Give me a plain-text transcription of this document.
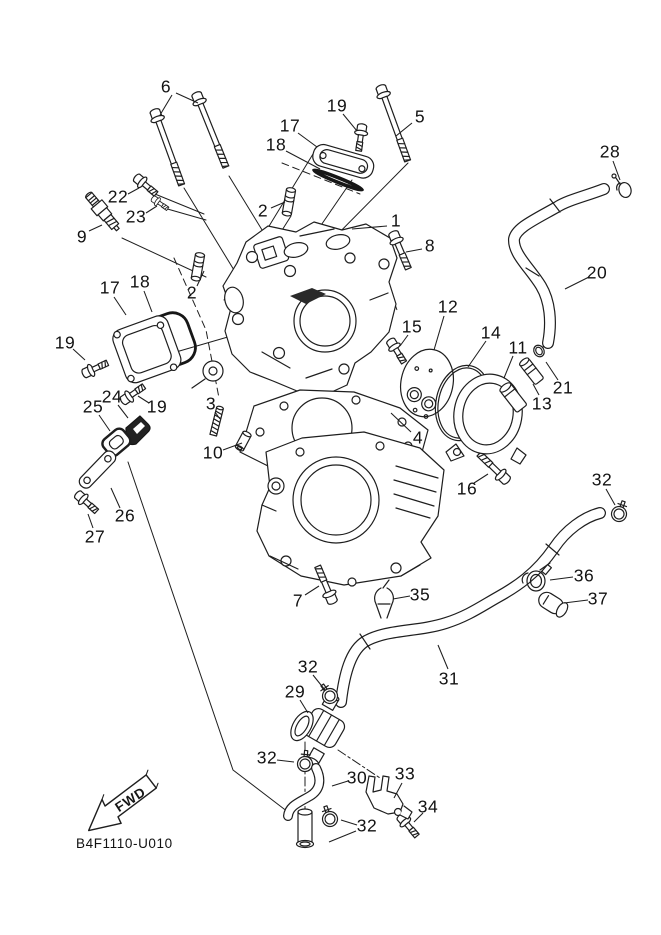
FWD
6
19
5
17
18	28
22
2
23	1
9	8
20
18
17	2
12
15	14
19	11
21
24	3
25 19	13
4
10
32
16
26
27
36
35	37
7
32
31
29
32
33
30
34
32
B4F1110-U010
